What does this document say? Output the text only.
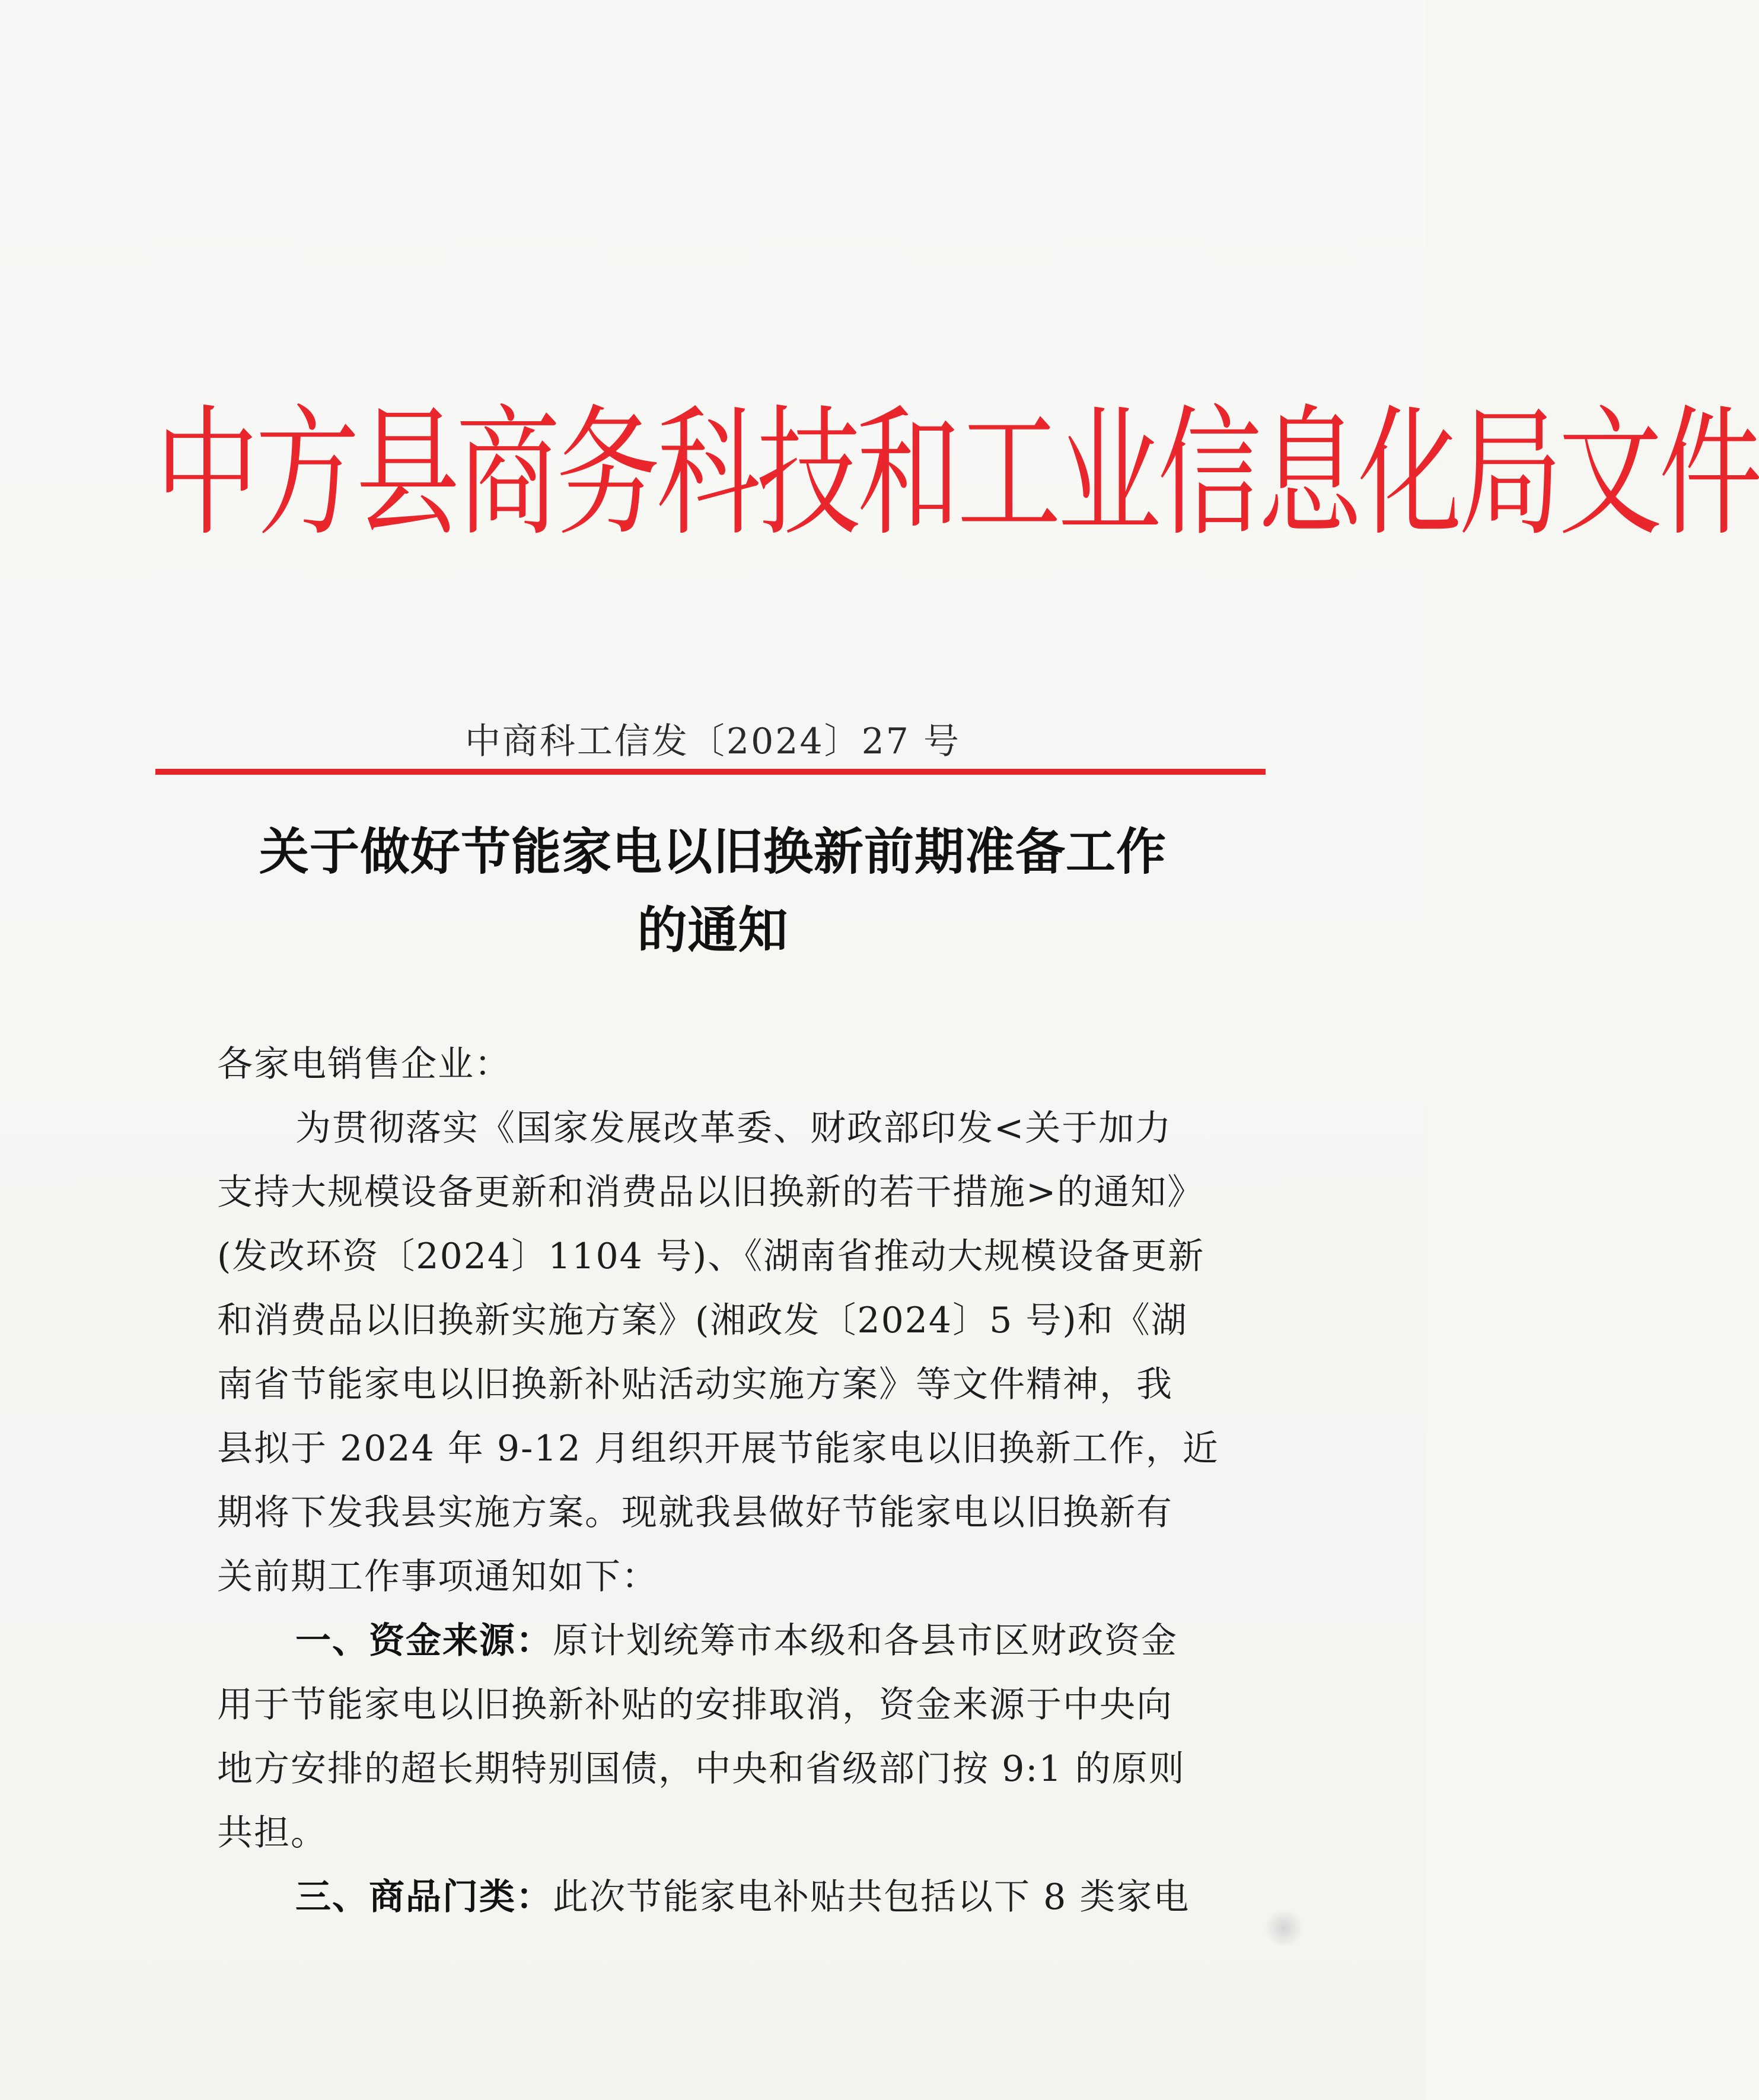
中方县商务科技和工业信息化局文件
中商科工信发〔2024〕27 号
关于做好节能家电以旧换新前期准备工作
的通知
各家电销售企业：
为贯彻落实《国家发展改革委、财政部印发<关于加力
支持大规模设备更新和消费品以旧换新的若干措施>的通知》
(发改环资〔2024〕1104 号)、《湖南省推动大规模设备更新
和消费品以旧换新实施方案》(湘政发〔2024〕5 号)和《湖
南省节能家电以旧换新补贴活动实施方案》等文件精神，我
县拟于 2024 年 9-12 月组织开展节能家电以旧换新工作，近
期将下发我县实施方案。现就我县做好节能家电以旧换新有
关前期工作事项通知如下：
一、资金来源：原计划统筹市本级和各县市区财政资金
用于节能家电以旧换新补贴的安排取消，资金来源于中央向
地方安排的超长期特别国债，中央和省级部门按 9:1 的原则
共担。
三、商品门类：此次节能家电补贴共包括以下 8 类家电
